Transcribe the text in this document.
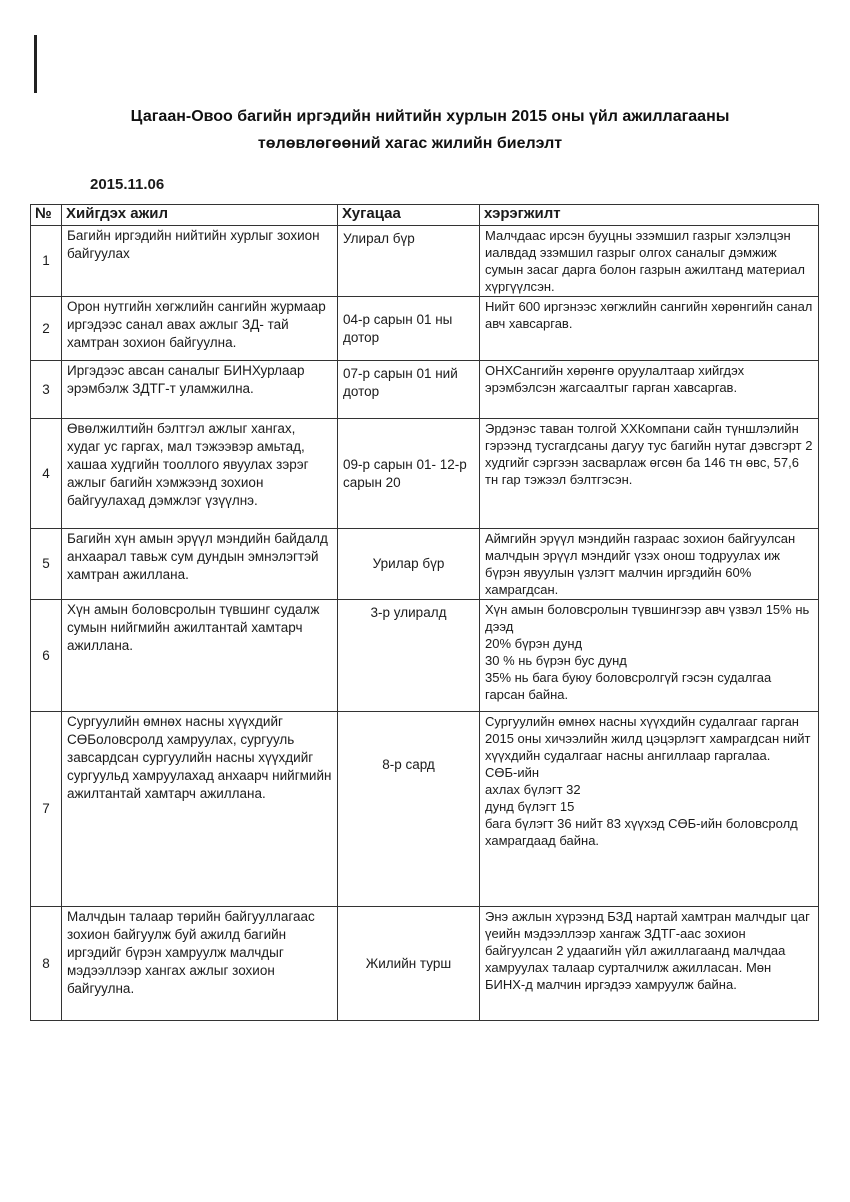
Цагаан-Овоо багийн иргэдийн нийтийн хурлын 2015 оны үйл ажиллагааны
төлөвлөгөөний хагас жилийн биелэлт
2015.11.06
№	Хийгдэх ажил	Хугацаа	хэрэгжилт
1	Багийн иргэдийн нийтийн хурлыг зохион байгуулах	Улирал бүр	Малчдаас ирсэн бууцны эзэмшил газрыг хэлэлцэн иалвдад эзэмшил газрыг олгох саналыг дэмжиж сумын засаг дарга болон газрын ажилтанд материал хүргүүлсэн.

2	Орон нутгийн хөгжлийн сангийн журмаар иргэдээс санал авах ажлыг ЗД- тай хамтран зохион байгуулна.	04-р сарын 01 ны дотор	Нийт 600 иргэнээс хөгжлийн сангийн хөрөнгийн санал авч хавсаргав.

3	Иргэдээс авсан саналыг БИНХурлаар эрэмбэлж ЗДТГ-т уламжилна.	07-р сарын 01 ний дотор	ОНХСангийн хөрөнгө оруулалтаар хийгдэх эрэмбэлсэн жагсаалтыг гарган хавсаргав.

4	Өвөлжилтийн бэлтгэл ажлыг хангах, худаг ус гаргах, мал тэжээвэр амьтад, хашаа худгийн тооллого явуулах зэрэг ажлыг багийн хэмжээнд зохион байгуулахад дэмжлэг үзүүлнэ.	09-р сарын 01- 12-р сарын 20	Эрдэнэс таван толгой ХХКомпани сайн түншлэлийн гэрээнд тусгагдсаны дагуу тус багийн нутаг дэвсгэрт 2 худгийг сэргээн засварлаж өгсөн ба 146 тн өвс, 57,6 тн гар тэжээл бэлтгэсэн.

5	Багийн хүн амын эрүүл мэндийн байдалд анхаарал тавьж сум дундын эмнэлэгтэй хамтран ажиллана.	Урилар бүр	Аймгийн эрүүл мэндийн газраас зохион байгуулсан малчдын эрүүл мэндийг үзэх онош тодруулах иж бүрэн явуулын үзлэгт малчин иргэдийн 60% хамрагдсан.

6	Хүн амын боловсролын түвшинг судалж сумын нийгмийн ажилтантай хамтарч ажиллана.	3-р улиралд	Хүн амын боловсролын түвшингээр авч үзвэл 15% нь дээд
20% бүрэн дунд
30 % нь бүрэн бус дунд
35% нь бага буюу боловсролгүй гэсэн судалгаа гарсан байна.

7	Сургуулийн өмнөх насны хүүхдийг СӨБоловсролд хамруулах, сургууль завсардсан сургуулийн насны хүүхдийг сургуульд хамруулахад анхаарч нийгмийн ажилтантай хамтарч ажиллана.	8-р сард	Сургуулийн өмнөх насны хүүхдийн судалгааг гарган 2015 оны хичээлийн жилд цэцэрлэгт хамрагдсан нийт хүүхдийн судалгааг насны ангиллаар гаргалаа.
СӨБ-ийн
ахлах бүлэгт 32
дунд бүлэгт 15
бага бүлэгт 36 нийт 83 хүүхэд СӨБ-ийн боловсролд хамрагдаад байна.

8	Малчдын талаар төрийн байгууллагаас зохион байгуулж буй ажилд багийн иргэдийг бүрэн хамруулж малчдыг мэдээллээр хангах ажлыг зохион байгуулна.	Жилийн турш	Энэ ажлын хүрээнд БЗД нартай хамтран малчдыг цаг үеийн мэдээллээр хангаж ЗДТГ-аас зохион байгуулсан 2 удаагийн үйл ажиллагаанд малчдаа хамруулах талаар сурталчилж ажилласан. Мөн БИНХ-д малчин иргэдээ хамруулж байна.
